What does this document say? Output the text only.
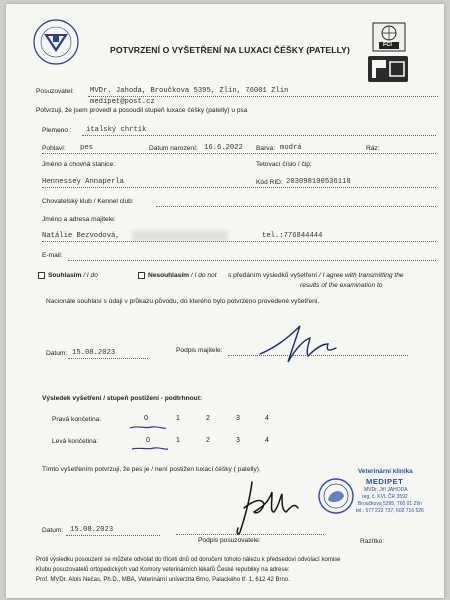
POTVRZENÍ O VYŠETŘENÍ NA LUXACI ČÉŠKY (PATELLY)	FCI
Posuzovatel: MVDr. Jahoda, Broučkova 5395, Zlín, 76001 Zlín
medipet@post.cz
Potvrzuji, že jsem provedl a posoudil stupeň luxace čéšky (patelly) u psa
Plemeno : italský chrtík
Pohlaví: pes	Datum narození: 16.6.2022 Barva: modrá	Ráz:
Jméno a chovná stanice:	Tetovací číslo / čip:
Hennessey Annaperla	Kód RID: 203098100536118
Chovatelský klub / Kennel club:
Jméno a adresa majitele:
Natálie Bezvodová,	tel.:776844444
E-mail:
Souhlasím / I do	Nesouhlasím / I do not s předáním výsledků vyšetření / I agree with transmitting the
results of the examination to
Nacionále souhlasí s údaji v průkazu původu, do kterého bylo potvrzeno provedené vyšetření.
Datum: 15.08.2023	Podpis majitele:
Výsledek vyšetření / stupeň postižení - podtrhnout:
Pravá končetina:	0	1	2	3	4
Levá končetina:	0	1	2	3	4
Tímto vyšetřením potvrzuji, že pes je / není postižen luxací čéšky ( patelly).	Veterinární klinika
MEDIPET
MVDr. Jiří JAHODA
reg. č. KVL ČR 3592
Broučkova 5395, 760 01 Zlín
tel.: 577 222 737, 602 716 526
Datum: 15.08.2023
Podpis posuzovatele:	Razítko:
Proti výsledku posouzení se můžete odvolat do třiceti dnů od doručení tohoto nálezu k předsedovi odvolací komise
Klubu posuzovatelů ortopedických vad Komory veterinárních lékařů České republiky na adrese:
Prof. MVDr. Alois Nečas, Ph.D., MBA, Veterinární univerzita Brno, Palackého tř. 1, 612 42 Brno.
